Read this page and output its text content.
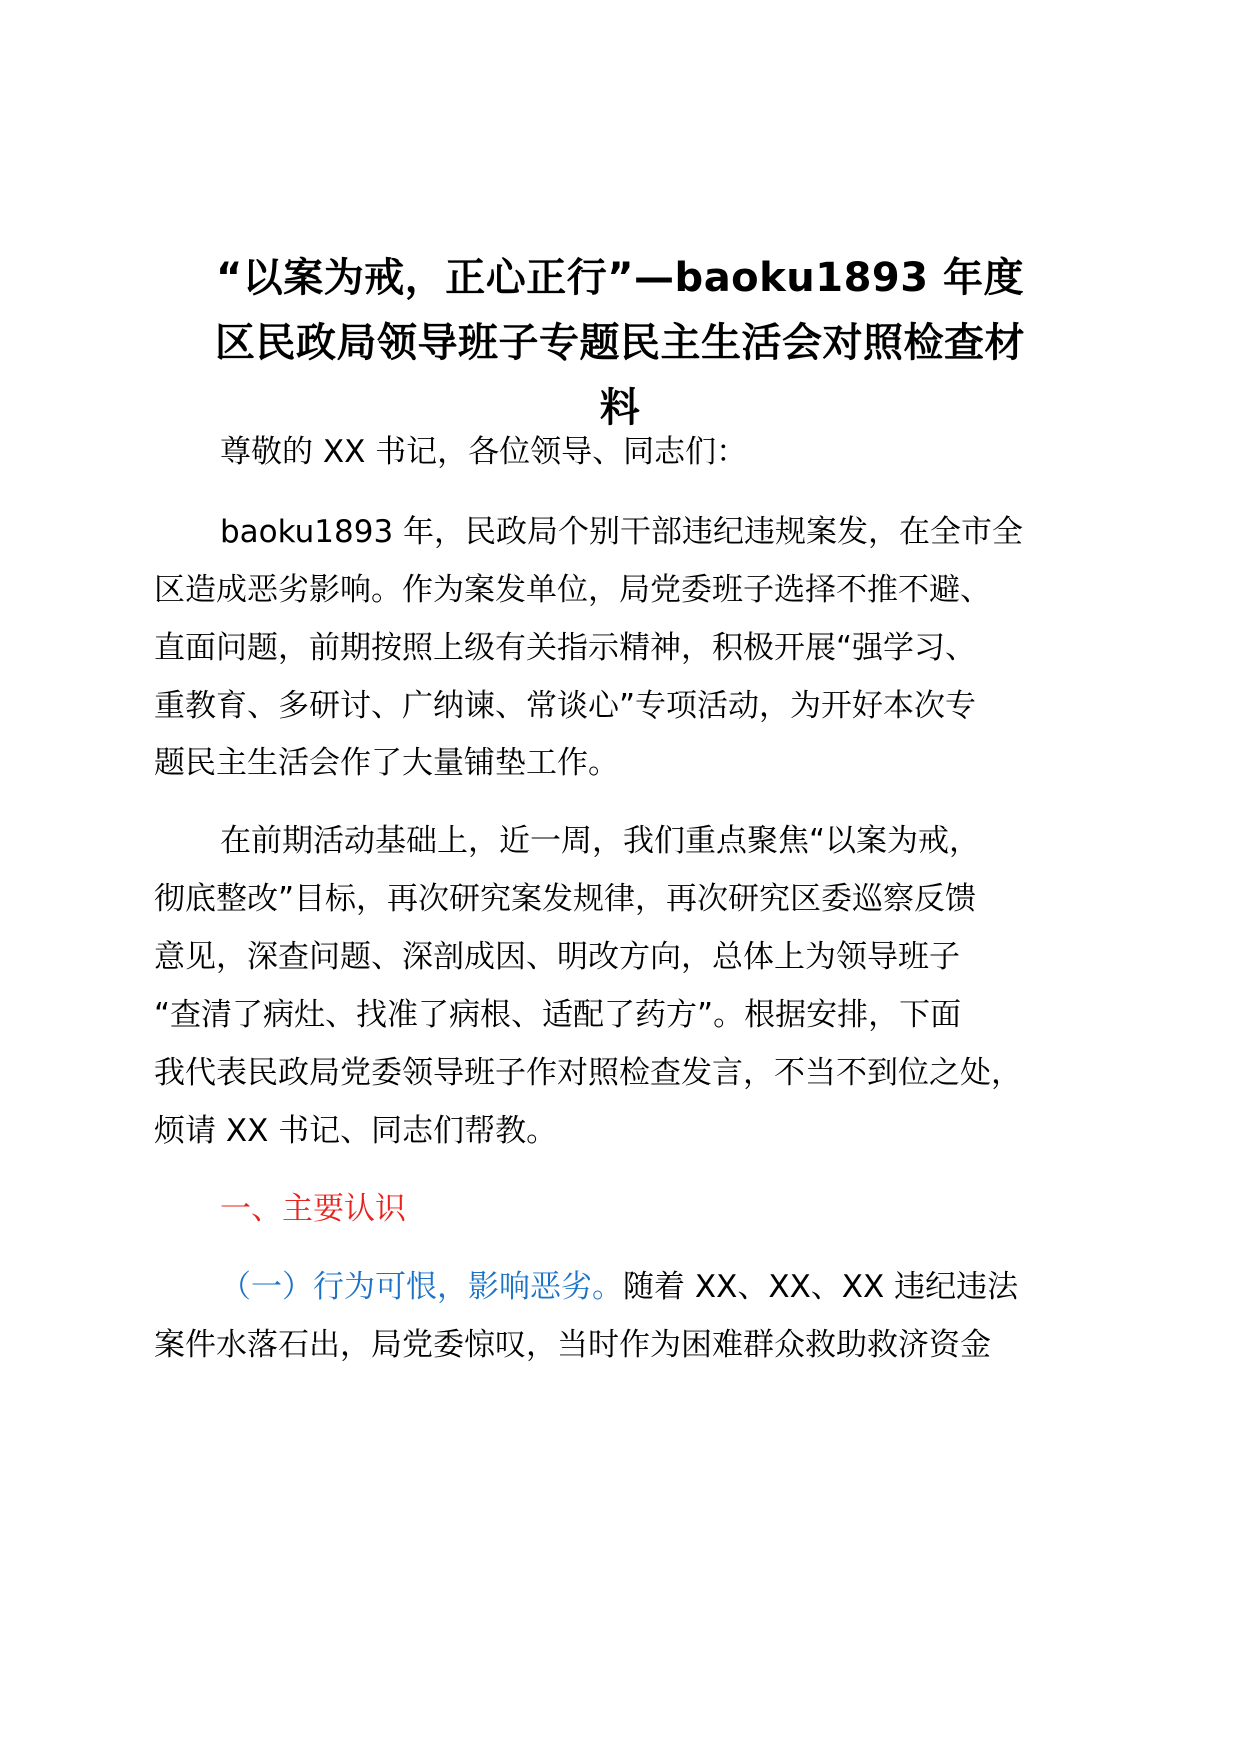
“以案为戒，正心正行”—baoku1893 年度
区民政局领导班子专题民主生活会对照检查材
料

尊敬的 XX 书记，各位领导、同志们：

baoku1893 年，民政局个别干部违纪违规案发，在全市全

区造成恶劣影响。作为案发单位，局党委班子选择不推不避、

直面问题，前期按照上级有关指示精神，积极开展“强学习、

重教育、多研讨、广纳谏、常谈心”专项活动，为开好本次专

题民主生活会作了大量铺垫工作。

在前期活动基础上，近一周，我们重点聚焦“以案为戒，

彻底整改”目标，再次研究案发规律，再次研究区委巡察反馈

意见，深查问题、深剖成因、明改方向，总体上为领导班子

“查清了病灶、找准了病根、适配了药方”。根据安排，下面

我代表民政局党委领导班子作对照检查发言，不当不到位之处，

烦请 XX 书记、同志们帮教。

一、主要认识

（一）行为可恨，影响恶劣。随着 XX、XX、XX 违纪违法

案件水落石出，局党委惊叹，当时作为困难群众救助救济资金
